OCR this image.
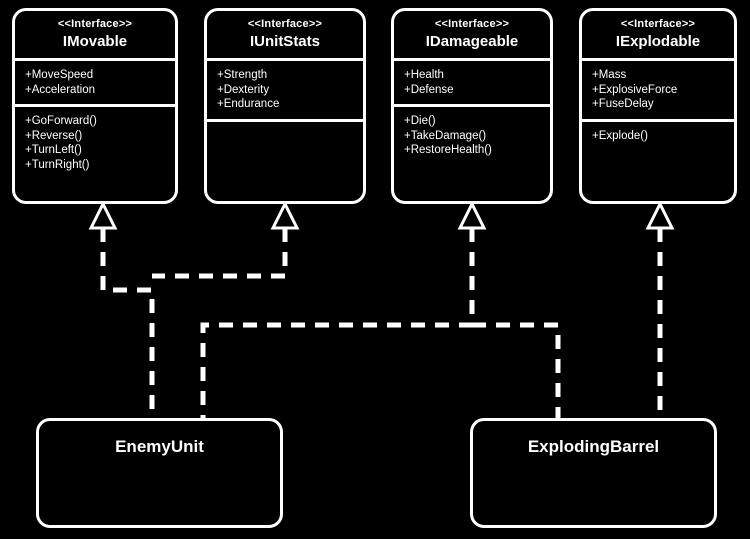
<<Interface>>
IMovable
+MoveSpeed
+Acceleration
+GoForward()
+Reverse()
+TurnLeft()
+TurnRight()
<<Interface>>
IUnitStats
+Strength
+Dexterity
+Endurance
<<Interface>>
IDamageable
+Health
+Defense
+Die()
+TakeDamage()
+RestoreHealth()
<<Interface>>
IExplodable
+Mass
+ExplosiveForce
+FuseDelay
+Explode()
EnemyUnit	ExplodingBarrel
